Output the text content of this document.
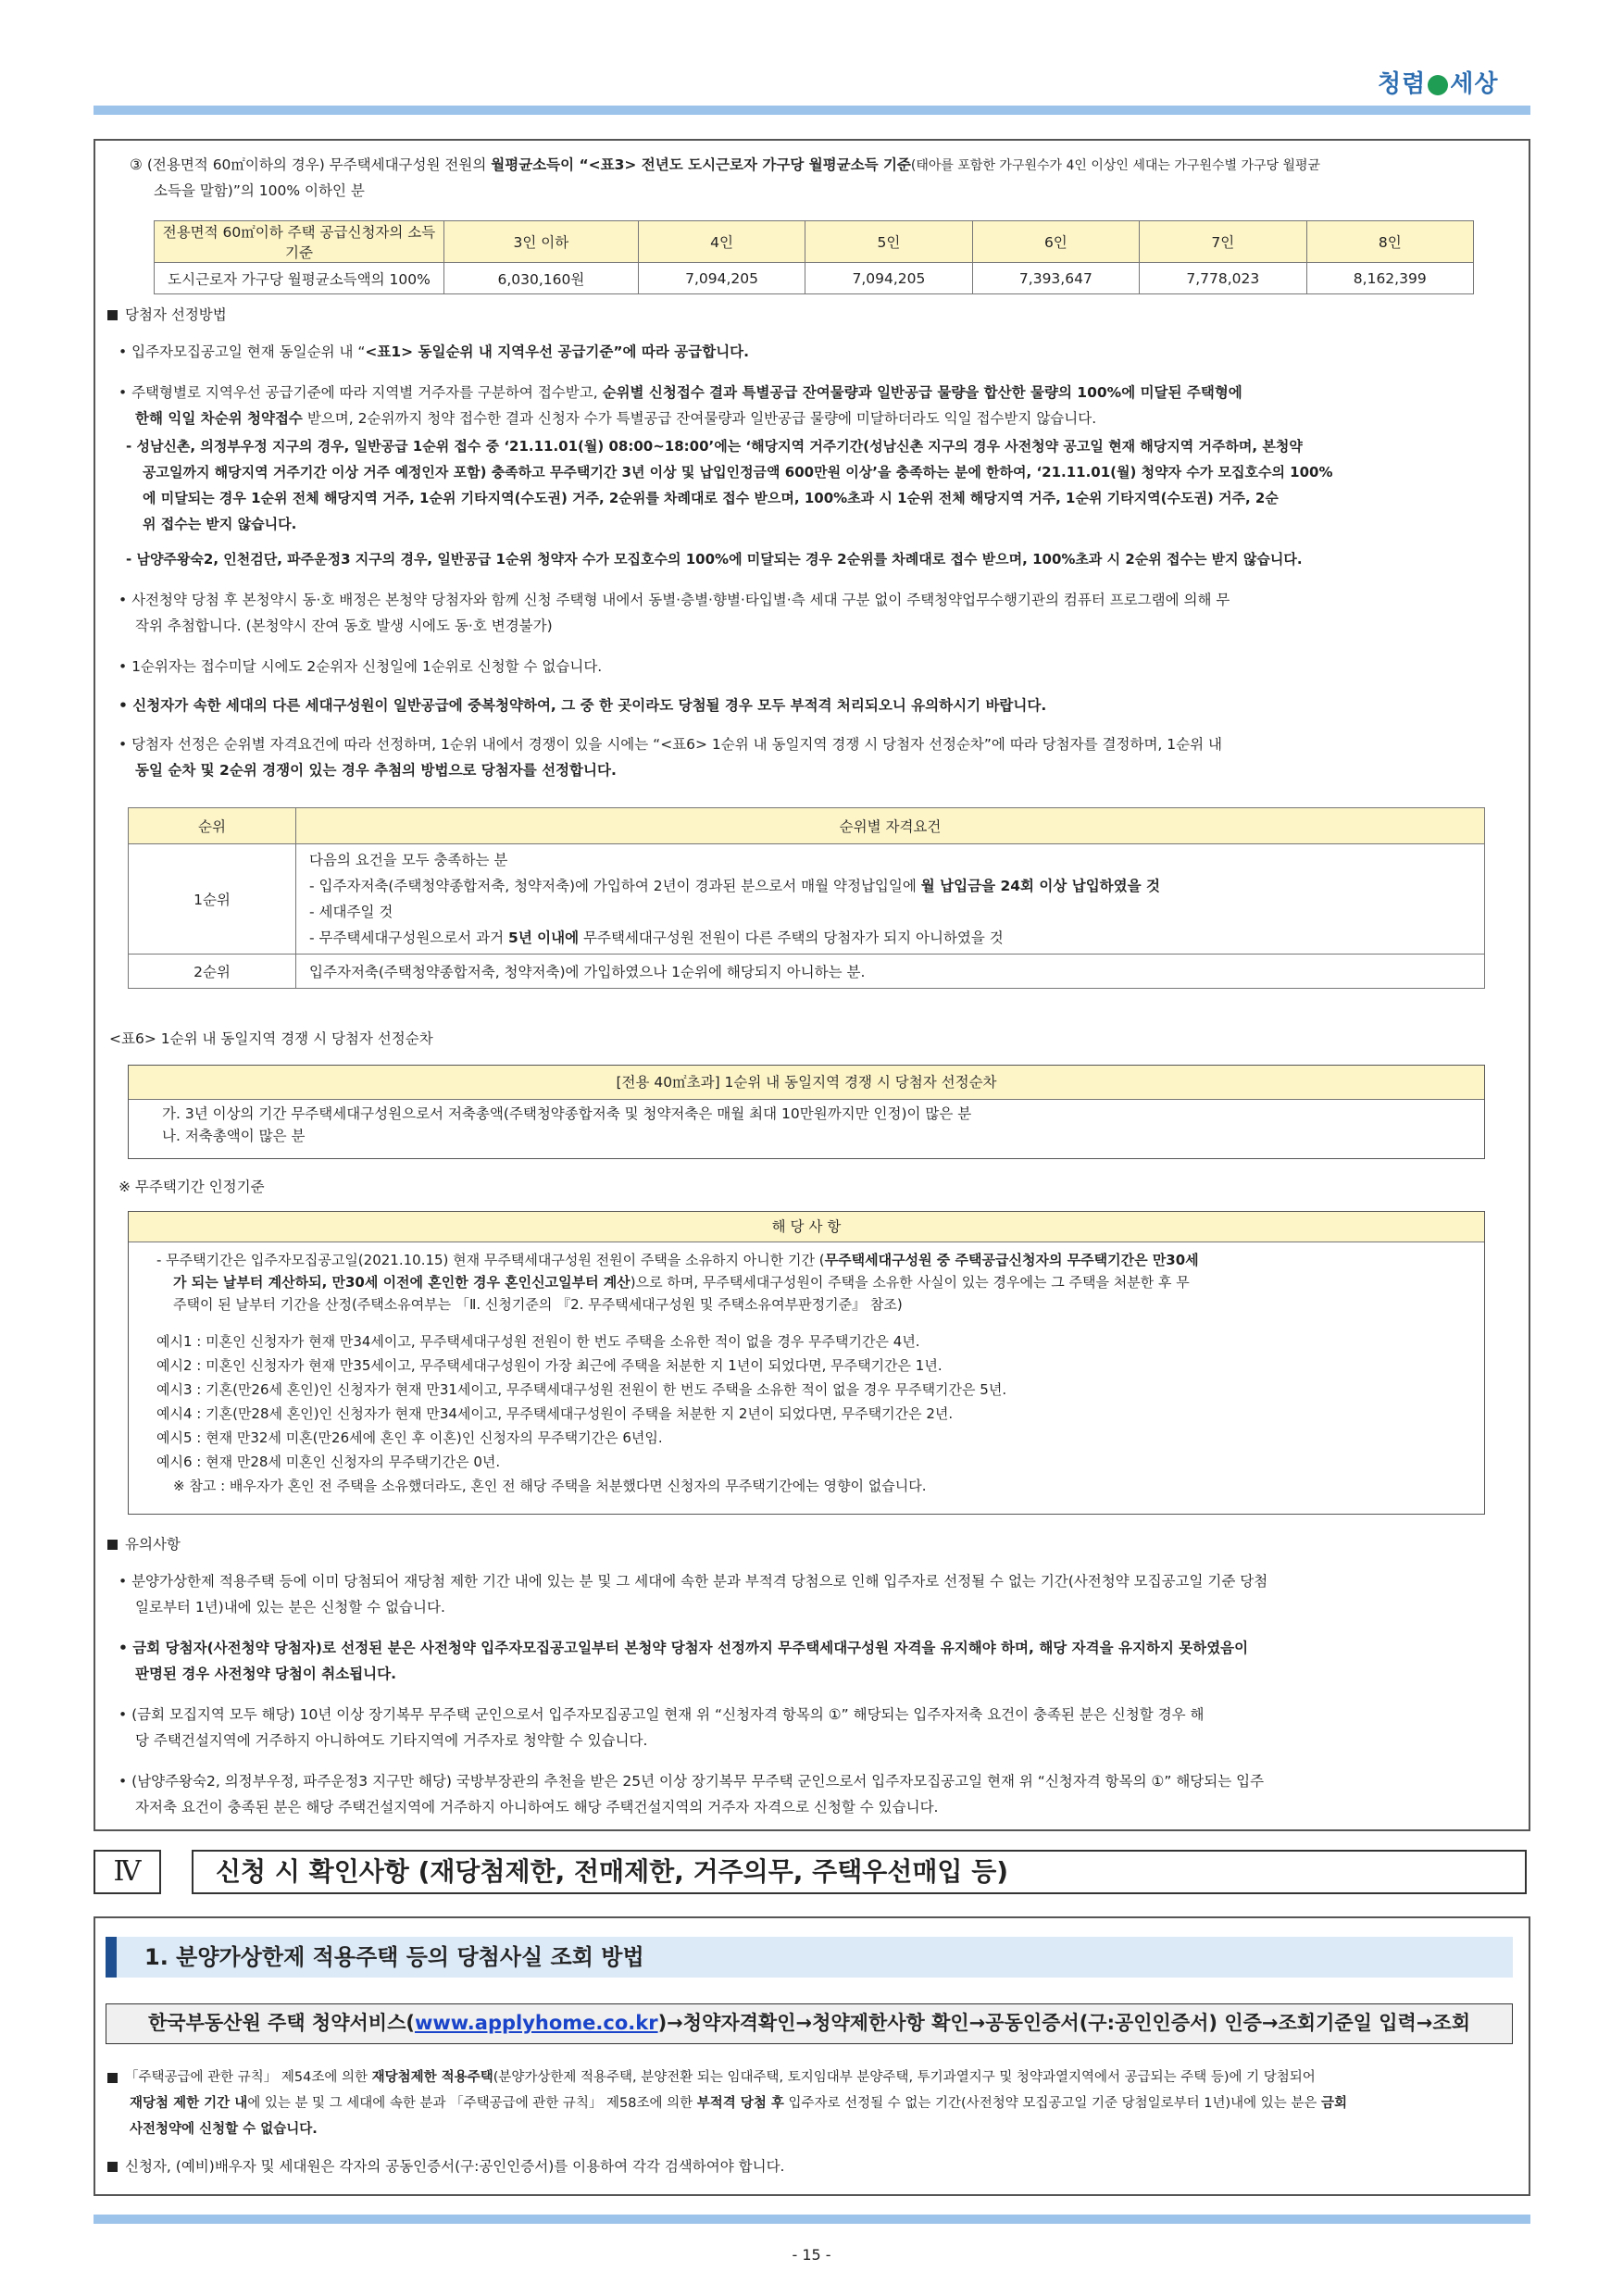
청렴 세상
③ (전용면적 60㎡이하의 경우) 무주택세대구성원 전원의 월평균소득이 “<표3> 전년도 도시근로자 가구당 월평균소득 기준(태아를 포함한 가구원수가 4인 이상인 세대는 가구원수별 가구당 월평균
소득을 말함)”의 100% 이하인 분
전용면적 60㎡이하 주택 공급신청자의 소득기준	3인 이하	4인	5인	6인	7인	8인
도시근로자 가구당 월평균소득액의 100%	6,030,160원	7,094,205	7,094,205	7,393,647	7,778,023	8,162,399
당첨자 선정방법
• 입주자모집공고일 현재 동일순위 내 “<표1> 동일순위 내 지역우선 공급기준”에 따라 공급합니다.
• 주택형별로 지역우선 공급기준에 따라 지역별 거주자를 구분하여 접수받고, 순위별 신청접수 결과 특별공급 잔여물량과 일반공급 물량을 합산한 물량의 100%에 미달된 주택형에
한해 익일 차순위 청약접수 받으며, 2순위까지 청약 접수한 결과 신청자 수가 특별공급 잔여물량과 일반공급 물량에 미달하더라도 익일 접수받지 않습니다.
- 성남신촌, 의정부우정 지구의 경우, 일반공급 1순위 접수 중 ‘21.11.01(월) 08:00~18:00’에는 ‘해당지역 거주기간(성남신촌 지구의 경우 사전청약 공고일 현재 해당지역 거주하며, 본청약
공고일까지 해당지역 거주기간 이상 거주 예정인자 포함) 충족하고 무주택기간 3년 이상 및 납입인정금액 600만원 이상’을 충족하는 분에 한하여, ‘21.11.01(월) 청약자 수가 모집호수의 100%
에 미달되는 경우 1순위 전체 해당지역 거주, 1순위 기타지역(수도권) 거주, 2순위를 차례대로 접수 받으며, 100%초과 시 1순위 전체 해당지역 거주, 1순위 기타지역(수도권) 거주, 2순
위 접수는 받지 않습니다.
- 남양주왕숙2, 인천검단, 파주운정3 지구의 경우, 일반공급 1순위 청약자 수가 모집호수의 100%에 미달되는 경우 2순위를 차례대로 접수 받으며, 100%초과 시 2순위 접수는 받지 않습니다.
• 사전청약 당첨 후 본청약시 동·호 배정은 본청약 당첨자와 함께 신청 주택형 내에서 동별·층별·향별·타입별·측 세대 구분 없이 주택청약업무수행기관의 컴퓨터 프로그램에 의해 무
작위 추첨합니다. (본청약시 잔여 동호 발생 시에도 동·호 변경불가)
• 1순위자는 접수미달 시에도 2순위자 신청일에 1순위로 신청할 수 없습니다.
• 신청자가 속한 세대의 다른 세대구성원이 일반공급에 중복청약하여, 그 중 한 곳이라도 당첨될 경우 모두 부적격 처리되오니 유의하시기 바랍니다.
• 당첨자 선정은 순위별 자격요건에 따라 선정하며, 1순위 내에서 경쟁이 있을 시에는 “<표6> 1순위 내 동일지역 경쟁 시 당첨자 선정순차”에 따라 당첨자를 결정하며, 1순위 내
동일 순차 및 2순위 경쟁이 있는 경우 추첨의 방법으로 당첨자를 선정합니다.
순위	순위별 자격요건
1순위	다음의 요건을 모두 충족하는 분
- 입주자저축(주택청약종합저축, 청약저축)에 가입하여 2년이 경과된 분으로서 매월 약정납입일에 월 납입금을 24회 이상 납입하였을 것
- 세대주일 것
- 무주택세대구성원으로서 과거 5년 이내에 무주택세대구성원 전원이 다른 주택의 당첨자가 되지 아니하였을 것

2순위	입주자저축(주택청약종합저축, 청약저축)에 가입하였으나 1순위에 해당되지 아니하는 분.
<표6> 1순위 내 동일지역 경쟁 시 당첨자 선정순차
[전용 40㎡초과] 1순위 내 동일지역 경쟁 시 당첨자 선정순차
가. 3년 이상의 기간 무주택세대구성원으로서 저축총액(주택청약종합저축 및 청약저축은 매월 최대 10만원까지만 인정)이 많은 분
나. 저축총액이 많은 분
※ 무주택기간 인정기준
해 당 사 항
- 무주택기간은 입주자모집공고일(2021.10.15) 현재 무주택세대구성원 전원이 주택을 소유하지 아니한 기간 (무주택세대구성원 중 주택공급신청자의 무주택기간은 만30세
가 되는 날부터 계산하되, 만30세 이전에 혼인한 경우 혼인신고일부터 계산)으로 하며, 무주택세대구성원이 주택을 소유한 사실이 있는 경우에는 그 주택을 처분한 후 무
주택이 된 날부터 기간을 산정(주택소유여부는 「Ⅱ. 신청기준의 『2. 무주택세대구성원 및 주택소유여부판정기준』 참조)
예시1 : 미혼인 신청자가 현재 만34세이고, 무주택세대구성원 전원이 한 번도 주택을 소유한 적이 없을 경우 무주택기간은 4년.
예시2 : 미혼인 신청자가 현재 만35세이고, 무주택세대구성원이 가장 최근에 주택을 처분한 지 1년이 되었다면, 무주택기간은 1년.
예시3 : 기혼(만26세 혼인)인 신청자가 현재 만31세이고, 무주택세대구성원 전원이 한 번도 주택을 소유한 적이 없을 경우 무주택기간은 5년.
예시4 : 기혼(만28세 혼인)인 신청자가 현재 만34세이고, 무주택세대구성원이 주택을 처분한 지 2년이 되었다면, 무주택기간은 2년.
예시5 : 현재 만32세 미혼(만26세에 혼인 후 이혼)인 신청자의 무주택기간은 6년임.
예시6 : 현재 만28세 미혼인 신청자의 무주택기간은 0년.
※ 참고 : 배우자가 혼인 전 주택을 소유했더라도, 혼인 전 해당 주택을 처분했다면 신청자의 무주택기간에는 영향이 없습니다.
유의사항
• 분양가상한제 적용주택 등에 이미 당첨되어 재당첨 제한 기간 내에 있는 분 및 그 세대에 속한 분과 부적격 당첨으로 인해 입주자로 선정될 수 없는 기간(사전청약 모집공고일 기준 당첨
일로부터 1년)내에 있는 분은 신청할 수 없습니다.
• 금회 당첨자(사전청약 당첨자)로 선정된 분은 사전청약 입주자모집공고일부터 본청약 당첨자 선정까지 무주택세대구성원 자격을 유지해야 하며, 해당 자격을 유지하지 못하였음이
판명된 경우 사전청약 당첨이 취소됩니다.
• (금회 모집지역 모두 해당) 10년 이상 장기복무 무주택 군인으로서 입주자모집공고일 현재 위 “신청자격 항목의 ①” 해당되는 입주자저축 요건이 충족된 분은 신청할 경우 해
당 주택건설지역에 거주하지 아니하여도 기타지역에 거주자로 청약할 수 있습니다.
• (남양주왕숙2, 의정부우정, 파주운정3 지구만 해당) 국방부장관의 추천을 받은 25년 이상 장기복무 무주택 군인으로서 입주자모집공고일 현재 위 “신청자격 항목의 ①” 해당되는 입주
자저축 요건이 충족된 분은 해당 주택건설지역에 거주하지 아니하여도 해당 주택건설지역의 거주자 자격으로 신청할 수 있습니다.
Ⅳ	신청 시 확인사항 (재당첨제한, 전매제한, 거주의무, 주택우선매입 등)
1. 분양가상한제 적용주택 등의 당첨사실 조회 방법
한국부동산원 주택 청약서비스(www.applyhome.co.kr)→청약자격확인→청약제한사항 확인→공동인증서(구:공인인증서) 인증→조회기준일 입력→조회
「주택공급에 관한 규칙」 제54조에 의한 재당첨제한 적용주택(분양가상한제 적용주택, 분양전환 되는 임대주택, 토지임대부 분양주택, 투기과열지구 및 청약과열지역에서 공급되는 주택 등)에 기 당첨되어
재당첨 제한 기간 내에 있는 분 및 그 세대에 속한 분과 「주택공급에 관한 규칙」 제58조에 의한 부적격 당첨 후 입주자로 선정될 수 없는 기간(사전청약 모집공고일 기준 당첨일로부터 1년)내에 있는 분은 금회
사전청약에 신청할 수 없습니다.
신청자, (예비)배우자 및 세대원은 각자의 공동인증서(구:공인인증서)를 이용하여 각각 검색하여야 합니다.
- 15 -
